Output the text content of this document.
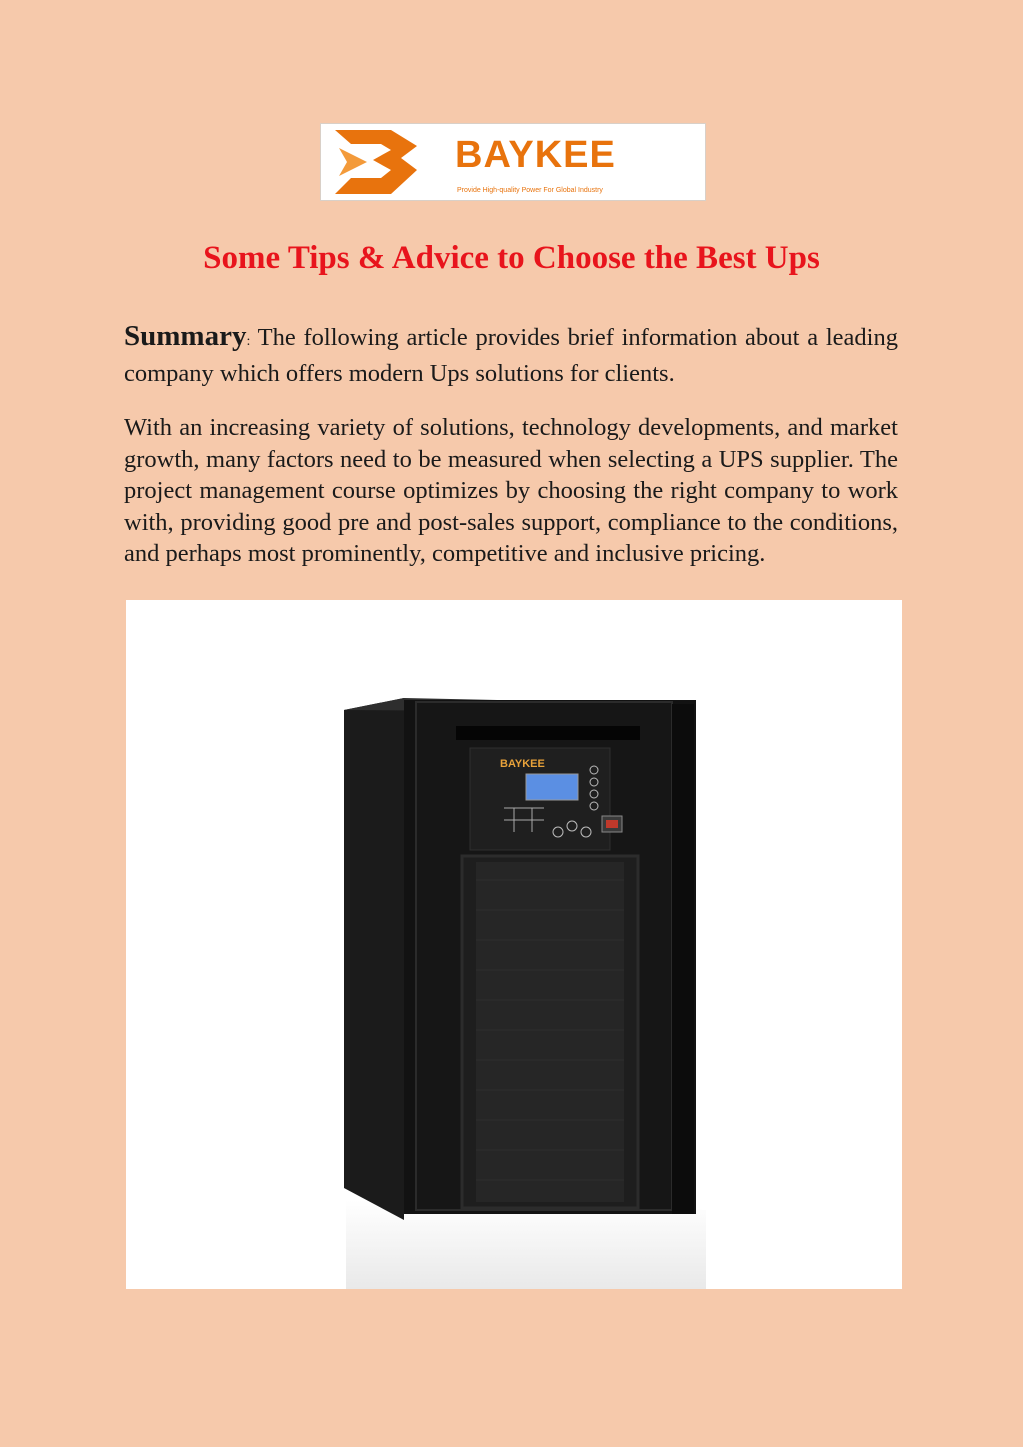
BAYKEE
Provide High-quality Power For Global Industry
Some Tips & Advice to Choose the Best Ups

Summary: The following article provides brief information about a leading company which offers modern Ups solutions for clients.

With an increasing variety of solutions, technology developments, and market growth, many factors need to be measured when selecting a UPS supplier. The project management course optimizes by choosing the right company to work with, providing good pre and post-sales support, compliance to the conditions, and perhaps most prominently, competitive and inclusive pricing.

BAYKEE
